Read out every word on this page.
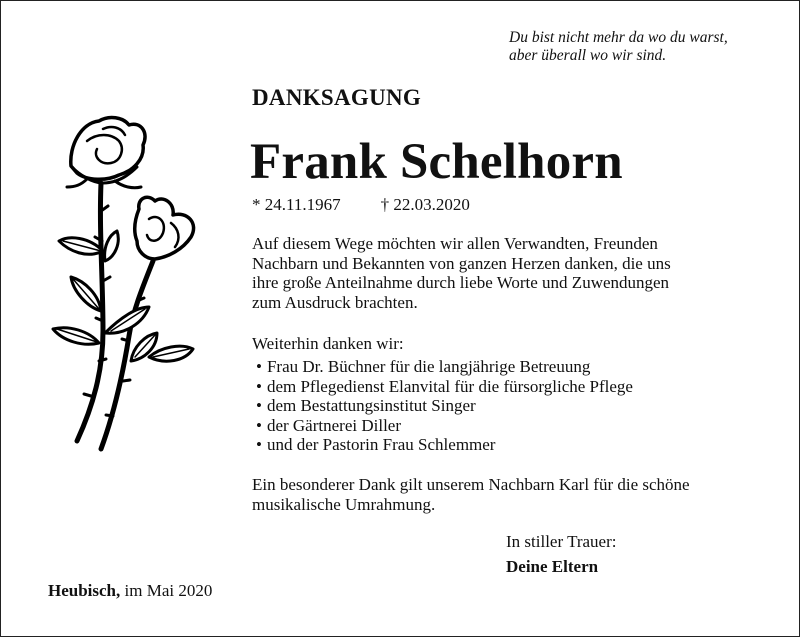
Du bist nicht mehr da wo du warst,
aber überall wo wir sind.
DANKSAGUNG
Frank Schelhorn
* 24.11.1967 † 22.03.2020
Auf diesem Wege möchten wir allen Verwandten, Freunden
Nachbarn und Bekannten von ganzen Herzen danken, die uns
ihre große Anteilnahme durch liebe Worte und Zuwendungen
zum Ausdruck brachten.
Weiterhin danken wir:
• Frau Dr. Büchner für die langjährige Betreuung
• dem Pflegedienst Elanvital für die fürsorgliche Pflege
• dem Bestattungsinstitut Singer
• der Gärtnerei Diller
• und der Pastorin Frau Schlemmer
Ein besonderer Dank gilt unserem Nachbarn Karl für die schöne
musikalische Umrahmung.
In stiller Trauer:
Deine Eltern
Heubisch, im Mai 2020
